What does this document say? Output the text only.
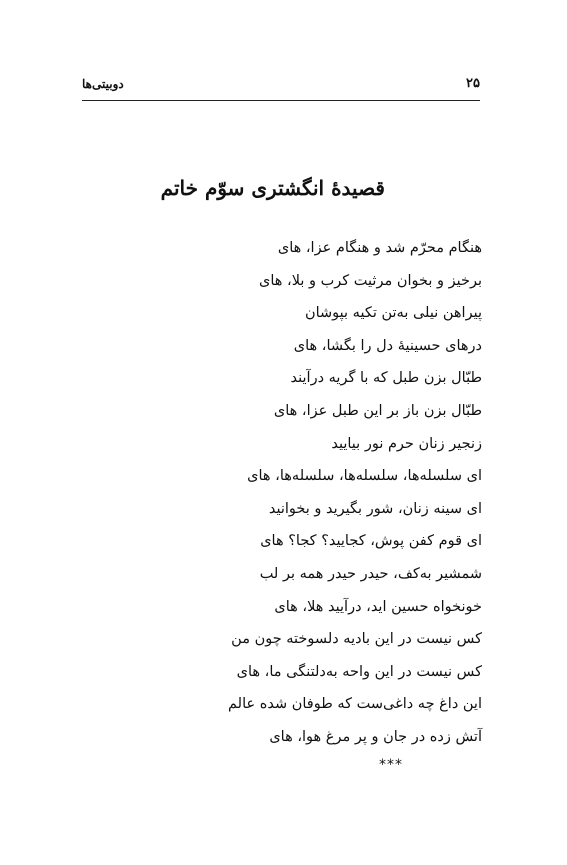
دوبیتی‌ها	۲۵
قصیدهٔ انگشتری سوّم خاتم
هنگام محرّم شد و هنگام عزا، های
برخیز و بخوان مرثیت کرب و بلا، های
پیراهن نیلی به‌تن تکیه بپوشان
درهای حسینیهٔ دل را بگشا، های
طبّال بزن طبل که با گریه درآیند
طبّال بزن باز بر این طبل عزا، های
زنجیر زنان حرم نور بیایید
ای سلسله‌ها، سلسله‌ها، سلسله‌ها، های
ای سینه زنان، شور بگیرید و بخوانید
ای قوم کفن پوش، کجایید؟ کجا؟ های
شمشیر به‌کف، حیدر حیدر همه بر لب
خونخواه حسین اید، درآیید هلا، های
کس نیست در این بادیه دلسوخته چون من
کس نیست در این واحه به‌دلتنگی ما، های
این داغ چه داغی‌ست که طوفان شده عالم
آتش زده در جان و پر مرغ هوا، های
***
